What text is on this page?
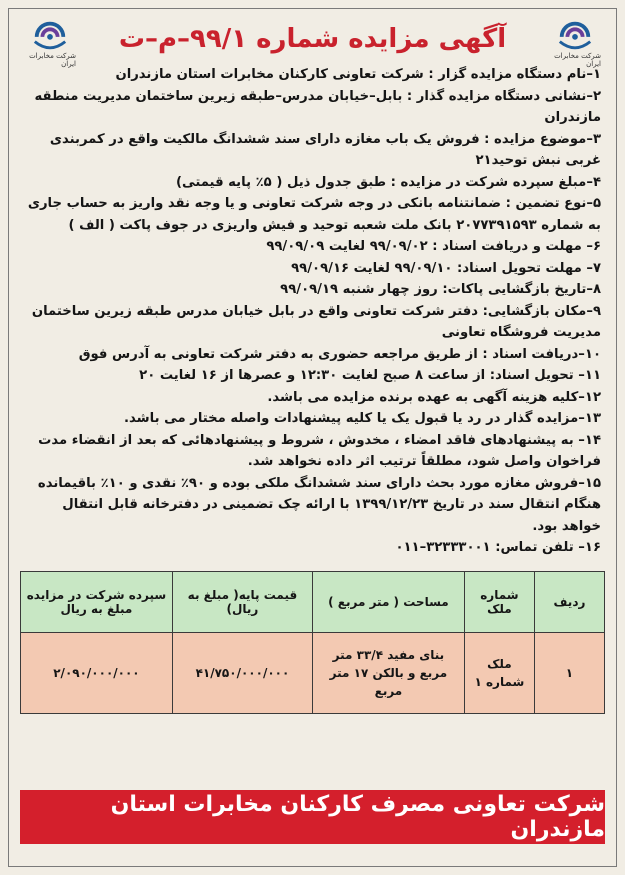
شرکت مخابرات ایران
آگهی مزایده شماره ۹۹/۱–م–ت
شرکت مخابرات ایران

۱–نام دستگاه مزایده گزار : شرکت تعاونی کارکنان مخابرات استان مازندران

۲–نشانی دستگاه مزایده گذار : بابل–خیابان مدرس–طبقه زیرین ساختمان مدیریت منطقه مازندران

۳–موضوع مزایده : فروش یک باب مغازه دارای سند ششدانگ مالکیت واقع در کمربندی غربی نبش توحید۲۱

۴–مبلغ سپرده شرکت در مزایده : طبق جدول ذیل ( ۵٪ پایه قیمتی)

۵–نوع تضمین : ضمانتنامه بانکی در وجه شرکت تعاونی و یا وجه نقد واریز به حساب جاری به شماره ۲۰۷۷۳۹۱۵۹۳ بانک ملت شعبه توحید و فیش واریزی در جوف پاکت ( الف )

۶– مهلت و دریافت اسناد : ۹۹/۰۹/۰۲ لغایت ۹۹/۰۹/۰۹

۷– مهلت تحویل اسناد: ۹۹/۰۹/۱۰ لغایت ۹۹/۰۹/۱۶

۸–تاریخ بازگشایی پاکات: روز چهار شنبه ۹۹/۰۹/۱۹

۹–مکان بازگشایی: دفتر شرکت تعاونی واقع در بابل خیابان مدرس طبقه زیرین ساختمان مدیریت فروشگاه تعاونی

۱۰–دریافت اسناد : از طریق مراجعه حضوری به دفتر شرکت تعاونی به آدرس فوق

۱۱– تحویل اسناد: از ساعت ۸ صبح لغایت ۱۲:۳۰ و عصرها از ۱۶ لغایت ۲۰

۱۲–کلیه هزینه آگهی به عهده برنده مزایده می باشد.

۱۳–مزایده گذار در رد یا قبول یک یا کلیه پیشنهادات واصله مختار می باشد.

۱۴– به پیشنهادهای فاقد امضاء ، مخدوش ، شروط و پیشنهادهائی که بعد از انقضاء مدت فراخوان واصل شود، مطلقاً ترتیب اثر داده نخواهد شد.

۱۵–فروش مغازه مورد بحث دارای سند ششدانگ ملکی بوده و ۹۰٪ نقدی و ۱۰٪ باقیمانده هنگام انتقال سند در تاریخ ۱۳۹۹/۱۲/۲۳ با ارائه چک تضمینی در دفترخانه قابل انتقال خواهد بود.

۱۶– تلفن تماس: ۳۲۳۳۳۰۰۱–۰۱۱

ردیف	شماره ملک	مساحت ( متر مربع )	قیمت پایه( مبلغ به ریال)	سپرده شرکت در مزایده مبلغ به ریال
۱	ملک شماره ۱	بنای مفید ۳۳/۴ متر مربع و بالکن ۱۷ متر مربع	۴۱/۷۵۰/۰۰۰/۰۰۰	۲/۰۹۰/۰۰۰/۰۰۰
شرکت تعاونی مصرف کارکنان مخابرات استان مازندران
